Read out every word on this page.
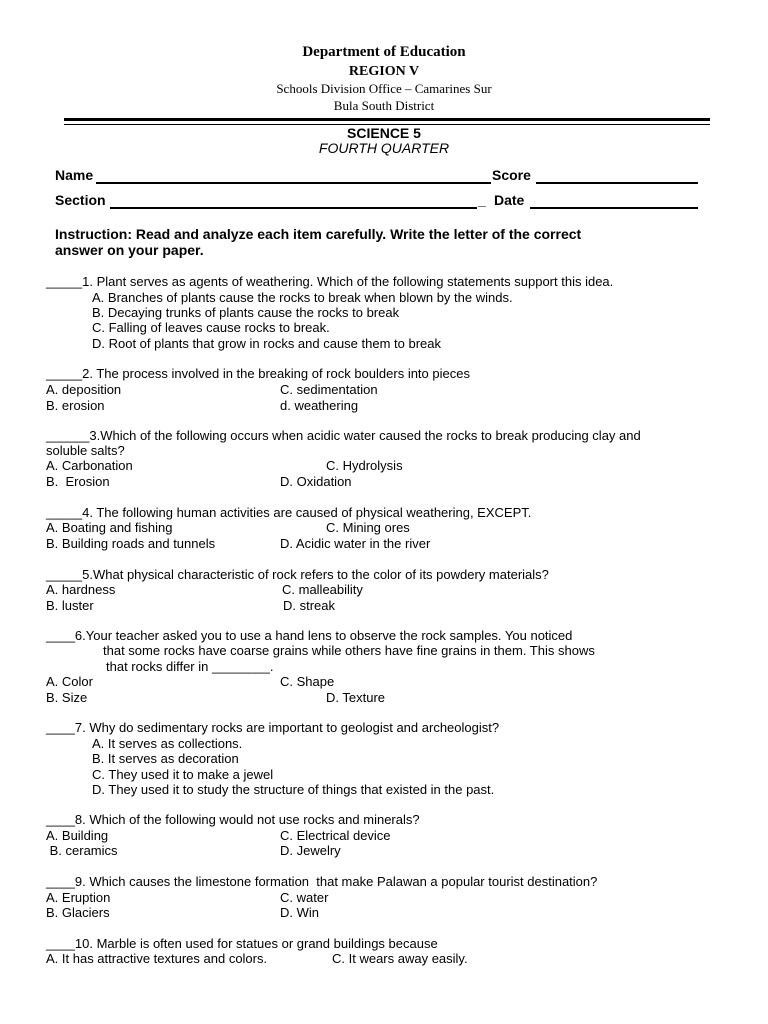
Department of Education
REGION V
Schools Division Office – Camarines Sur
Bula South District
SCIENCE 5
FOURTH QUARTER
Name	Score
Section	_ Date
Instruction: Read and analyze each item carefully. Write the letter of the correct
answer on your paper.
_____1. Plant serves as agents of weathering. Which of the following statements support this idea.
A. Branches of plants cause the rocks to break when blown by the winds.
B. Decaying trunks of plants cause the rocks to break
C. Falling of leaves cause rocks to break.
D. Root of plants that grow in rocks and cause them to break
_____2. The process involved in the breaking of rock boulders into pieces
A. deposition	C. sedimentation
B. erosion	d. weathering
______3.Which of the following occurs when acidic water caused the rocks to break producing clay and
soluble salts?
A. Carbonation	C. Hydrolysis
B.  Erosion	D. Oxidation
_____4. The following human activities are caused of physical weathering, EXCEPT.
A. Boating and fishing	C. Mining ores
B. Building roads and tunnels	D. Acidic water in the river
_____5.What physical characteristic of rock refers to the color of its powdery materials?
A. hardness	C. malleability
B. luster	D. streak
____6.Your teacher asked you to use a hand lens to observe the rock samples. You noticed
that some rocks have coarse grains while others have fine grains in them. This shows
that rocks differ in ________.
A. Color	C. Shape
B. Size	D. Texture
____7. Why do sedimentary rocks are important to geologist and archeologist?
A. It serves as collections.
B. It serves as decoration
C. They used it to make a jewel
D. They used it to study the structure of things that existed in the past.
____8. Which of the following would not use rocks and minerals?
A. Building	C. Electrical device
B. ceramics	D. Jewelry
____9. Which causes the limestone formation  that make Palawan a popular tourist destination?
A. Eruption	C. water
B. Glaciers	D. Win
____10. Marble is often used for statues or grand buildings because
A. It has attractive textures and colors.	C. It wears away easily.
